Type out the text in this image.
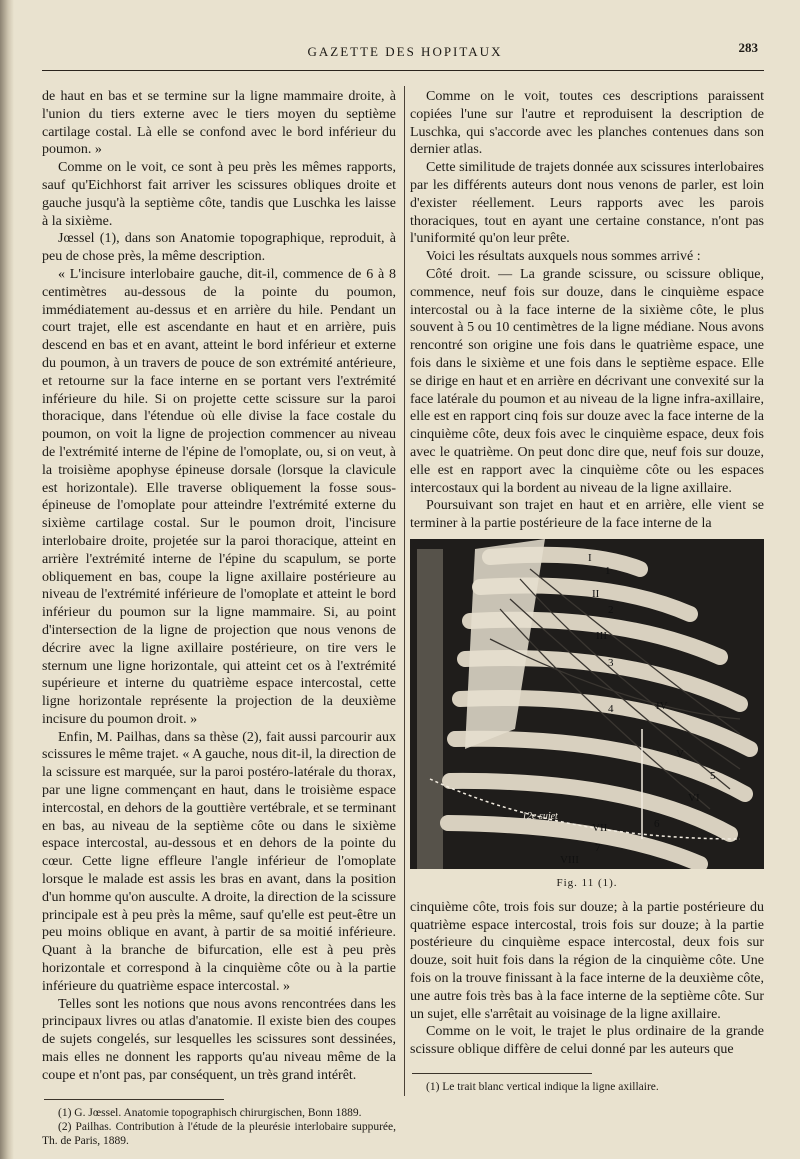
GAZETTE DES HOPITAUX	283

de haut en bas et se termine sur la ligne mammaire droite, à l'union du tiers externe avec le tiers moyen du septième cartilage costal. Là elle se confond avec le bord inférieur du poumon. »

Comme on le voit, ce sont à peu près les mêmes rapports, sauf qu'Eichhorst fait arriver les scissures obliques droite et gauche jusqu'à la septième côte, tandis que Luschka les laisse à la sixième.

Jœssel (1), dans son Anatomie topographique, reproduit, à peu de chose près, la même description.

« L'incisure interlobaire gauche, dit-il, commence de 6 à 8 centimètres au-dessous de la pointe du poumon, immédiatement au-dessus et en arrière du hile. Pendant un court trajet, elle est ascendante en haut et en arrière, puis descend en bas et en avant, atteint le bord inférieur et externe du poumon, à un travers de pouce de son extrémité antérieure, et retourne sur la face interne en se portant vers l'extrémité inférieure du hile. Si on projette cette scissure sur la paroi thoracique, dans l'étendue où elle divise la face costale du poumon, on voit la ligne de projection commencer au niveau de l'extrémité interne de l'épine de l'omoplate, ou, si on veut, à la troisième apophyse épineuse dorsale (lorsque la clavicule est horizontale). Elle traverse obliquement la fosse sous-épineuse de l'omoplate pour atteindre l'extrémité externe du sixième cartilage costal. Sur le poumon droit, l'incisure interlobaire droite, projetée sur la paroi thoracique, atteint en arrière l'extrémité interne de l'épine du scapulum, se porte obliquement en bas, coupe la ligne axillaire postérieure au niveau de l'extrémité inférieure de l'omoplate et atteint le bord inférieur du poumon sur la ligne mammaire. Si, au point d'intersection de la ligne de projection que nous venons de décrire avec la ligne axillaire postérieure, on tire vers le sternum une ligne horizontale, qui atteint cet os à l'extrémité supérieure et interne du quatrième espace intercostal, cette ligne horizontale représente la projection de la deuxième incisure du poumon droit. »

Enfin, M. Pailhas, dans sa thèse (2), fait aussi parcourir aux scissures le même trajet. « A gauche, nous dit-il, la direction de la scissure est marquée, sur la paroi postéro-latérale du thorax, par une ligne commençant en haut, dans le troisième espace intercostal, en dehors de la gouttière vertébrale, et se terminant en bas, au niveau de la septième côte ou dans le sixième espace intercostal, au-dessous et en dehors de la pointe du cœur. Cette ligne effleure l'angle inférieur de l'omoplate lorsque le malade est assis les bras en avant, dans la position d'un homme qu'on ausculte. A droite, la direction de la scissure principale est à peu près la même, sauf qu'elle est peut-être un peu moins oblique en avant, à partir de sa moitié inférieure. Quant à la branche de bifurcation, elle est à peu près horizontale et correspond à la cinquième côte ou à la partie inférieure du quatrième espace intercostal. »

Telles sont les notions que nous avons rencontrées dans les principaux livres ou atlas d'anatomie. Il existe bien des coupes de sujets congelés, sur lesquelles les scissures sont dessinées, mais elles ne donnent les rapports qu'au niveau même de la coupe et n'ont pas, par conséquent, un très grand intérêt.

(1) G. Jœssel. Anatomie topographisch chirurgischen, Bonn 1889.

(2) Pailhas. Contribution à l'étude de la pleurésie interlobaire suppurée, Th. de Paris, 1889.

Comme on le voit, toutes ces descriptions paraissent copiées l'une sur l'autre et reproduisent la description de Luschka, qui s'accorde avec les planches contenues dans son dernier atlas.

Cette similitude de trajets donnée aux scissures interlobaires par les différents auteurs dont nous venons de parler, est loin d'exister réellement. Leurs rapports avec les parois thoraciques, tout en ayant une certaine constance, n'ont pas l'uniformité qu'on leur prête.

Voici les résultats auxquels nous sommes arrivé :

Côté droit. — La grande scissure, ou scissure oblique, commence, neuf fois sur douze, dans le cinquième espace intercostal ou à la face interne de la sixième côte, le plus souvent à 5 ou 10 centimètres de la ligne médiane. Nous avons rencontré son origine une fois dans le quatrième espace, une fois dans le sixième et une fois dans le septième espace. Elle se dirige en haut et en arrière en décrivant une convexité sur la face latérale du poumon et au niveau de la ligne infra-axillaire, elle est en rapport cinq fois sur douze avec la face interne de la cinquième côte, deux fois avec le cinquième espace, deux fois avec le quatrième. On peut donc dire que, neuf fois sur douze, elle est en rapport avec la cinquième côte ou les espaces intercostaux qui la bordent au niveau de la ligne axillaire.

Poursuivant son trajet en haut et en arrière, elle vient se terminer à la partie postérieure de la face interne de la

I
II
III
IV
V
VI
VII
VIII
1
2
3
4
5
6
7
12e sujet
Fig. 11 (1).

cinquième côte, trois fois sur douze; à la partie postérieure du quatrième espace intercostal, trois fois sur douze; à la partie postérieure du cinquième espace intercostal, deux fois sur douze, soit huit fois dans la région de la cinquième côte. Une fois on la trouve finissant à la face interne de la deuxième côte, une autre fois très bas à la face interne de la septième côte. Sur un sujet, elle s'arrêtait au voisinage de la ligne axillaire.

Comme on le voit, le trajet le plus ordinaire de la grande scissure oblique diffère de celui donné par les auteurs que

(1) Le trait blanc vertical indique la ligne axillaire.
